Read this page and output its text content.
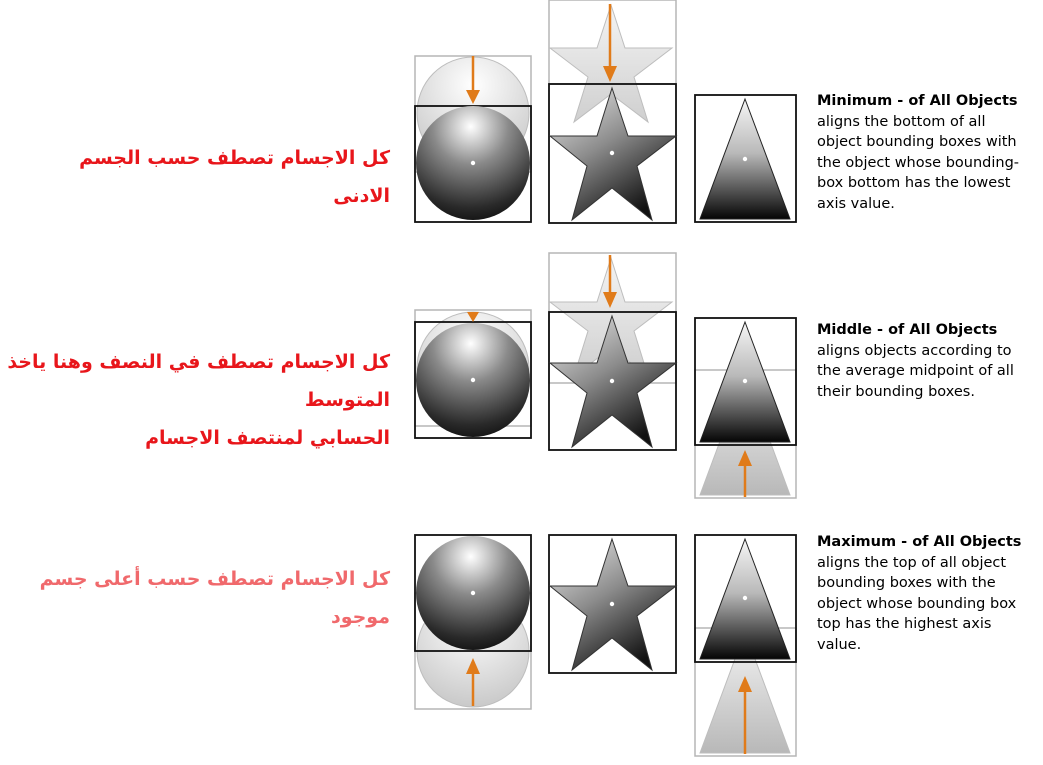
كل الاجسام تصطف حسب الجسم الادنى
كل الاجسام تصطف في النصف وهنا ياخذ المتوسط
الحسابي لمنتصف الاجسام
كل الاجسام تصطف حسب أعلى جسم موجود
Minimum - of All Objects aligns the bottom of all object bounding boxes with the object whose bounding-box bottom has the lowest axis value.
Middle - of All Objects aligns objects according to the average midpoint of all their bounding boxes.
Maximum - of All Objects aligns the top of all object bounding boxes with the object whose bounding box top has the highest axis value.
